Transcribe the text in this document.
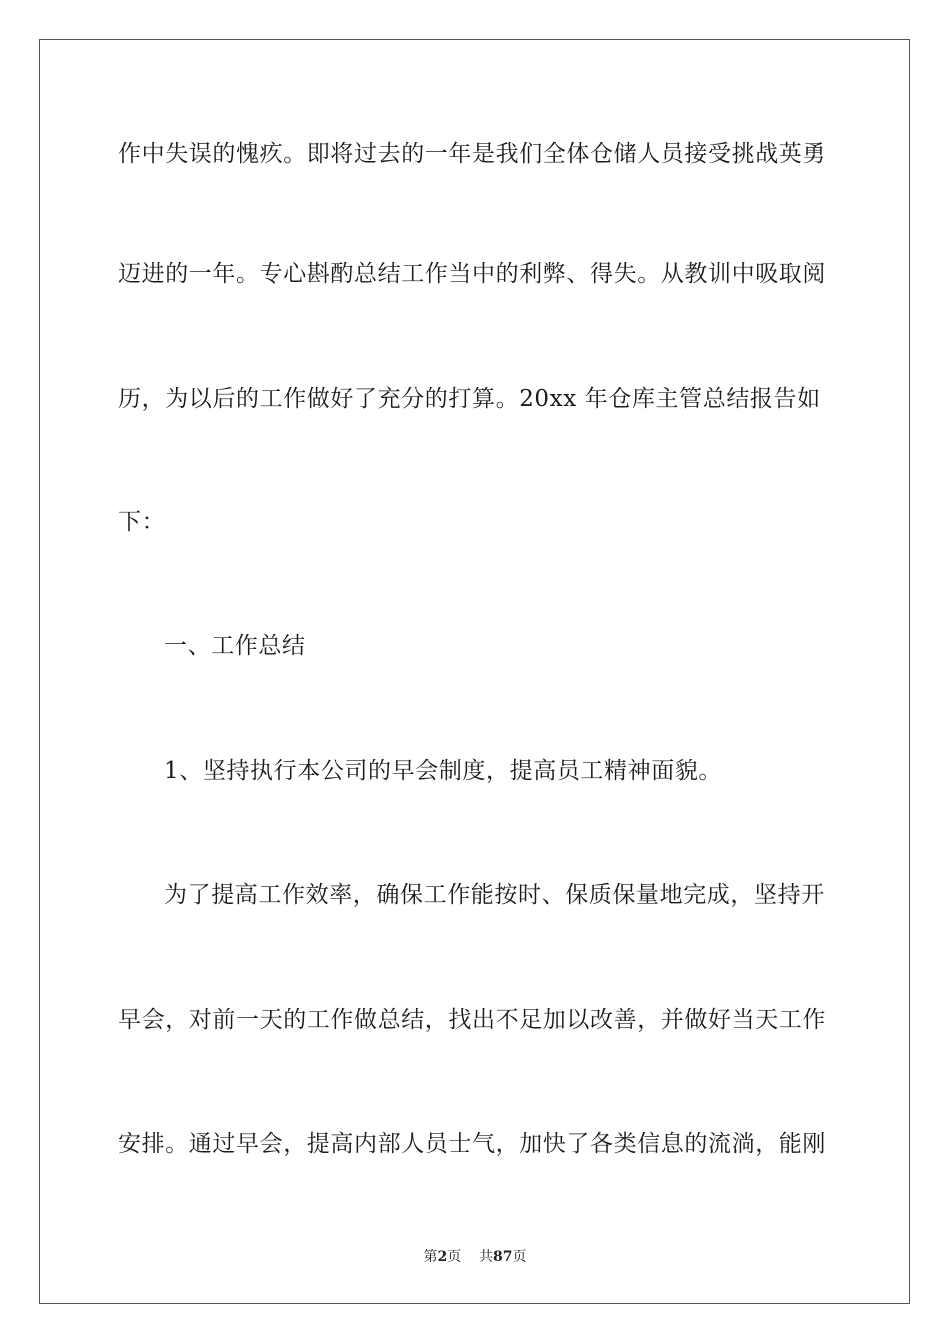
作中失误的愧疚。即将过去的一年是我们全体仓储人员接受挑战英勇
迈进的一年。专心斟酌总结工作当中的利弊、得失。从教训中吸取阅
历，为以后的工作做好了充分的打算。20xx 年仓库主管总结报告如
下：
一、工作总结
1、坚持执行本公司的早会制度，提高员工精神面貌。
为了提高工作效率，确保工作能按时、保质保量地完成，坚持开
早会，对前一天的工作做总结，找出不足加以改善，并做好当天工作
安排。通过早会，提高内部人员士气，加快了各类信息的流淌，能刚
第2页 共87页
